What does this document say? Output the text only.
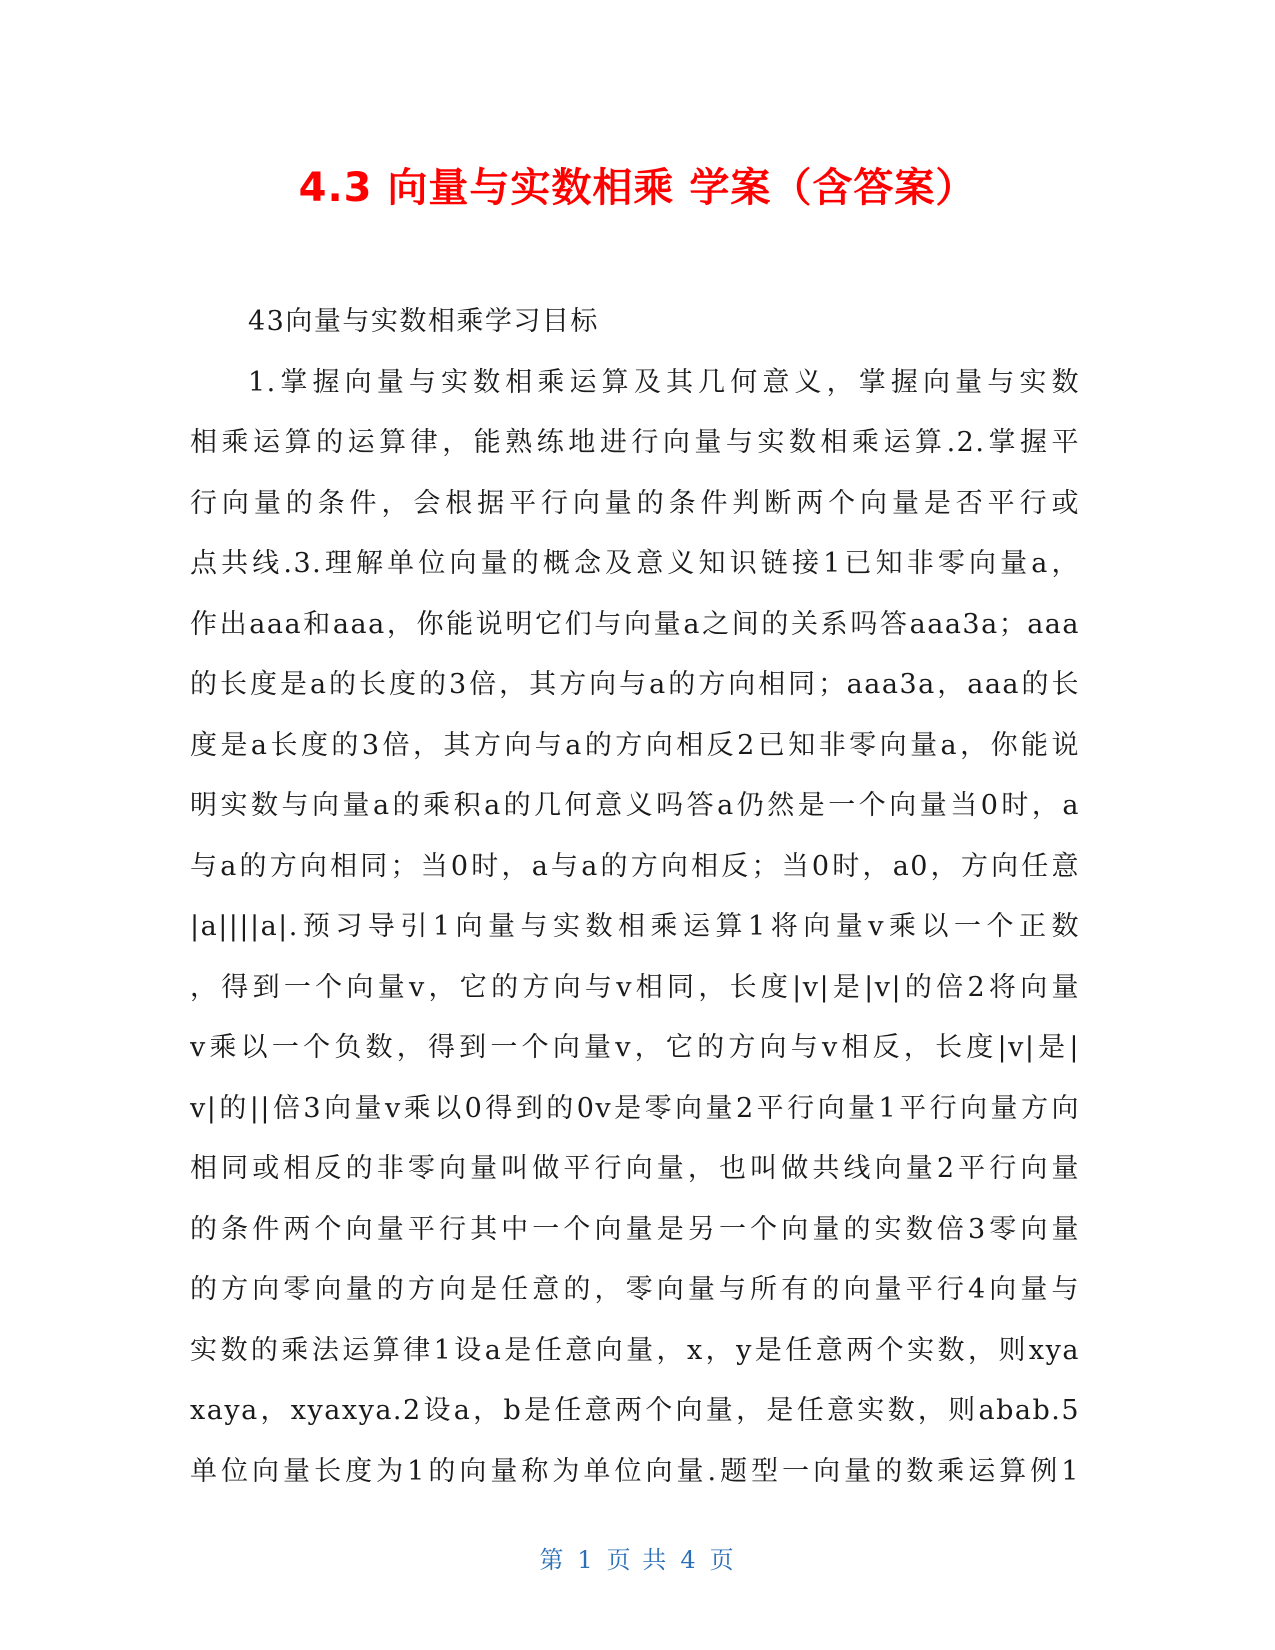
4.3 向量与实数相乘 学案（含答案）
43向量与实数相乘学习目标
1.掌握向量与实数相乘运算及其几何意义，掌握向量与实数
相乘运算的运算律，能熟练地进行向量与实数相乘运算.2.掌握平
行向量的条件，会根据平行向量的条件判断两个向量是否平行或
点共线.3.理解单位向量的概念及意义知识链接1已知非零向量a，
作出aaa和aaa，你能说明它们与向量a之间的关系吗答aaa3a；aaa
的长度是a的长度的3倍，其方向与a的方向相同；aaa3a，aaa的长
度是a长度的3倍，其方向与a的方向相反2已知非零向量a，你能说
明实数与向量a的乘积a的几何意义吗答a仍然是一个向量当0时，a
与a的方向相同；当0时，a与a的方向相反；当0时，a0，方向任意
|a||||a|.预习导引1向量与实数相乘运算1将向量v乘以一个正数
，得到一个向量v，它的方向与v相同，长度|v|是|v|的倍2将向量
v乘以一个负数，得到一个向量v，它的方向与v相反，长度|v|是|
v|的||倍3向量v乘以0得到的0v是零向量2平行向量1平行向量方向
相同或相反的非零向量叫做平行向量，也叫做共线向量2平行向量
的条件两个向量平行其中一个向量是另一个向量的实数倍3零向量
的方向零向量的方向是任意的，零向量与所有的向量平行4向量与
实数的乘法运算律1设a是任意向量，x，y是任意两个实数，则xya
xaya，xyaxya.2设a，b是任意两个向量，是任意实数，则abab.5
单位向量长度为1的向量称为单位向量.题型一向量的数乘运算例1
第 1 页 共 4 页
